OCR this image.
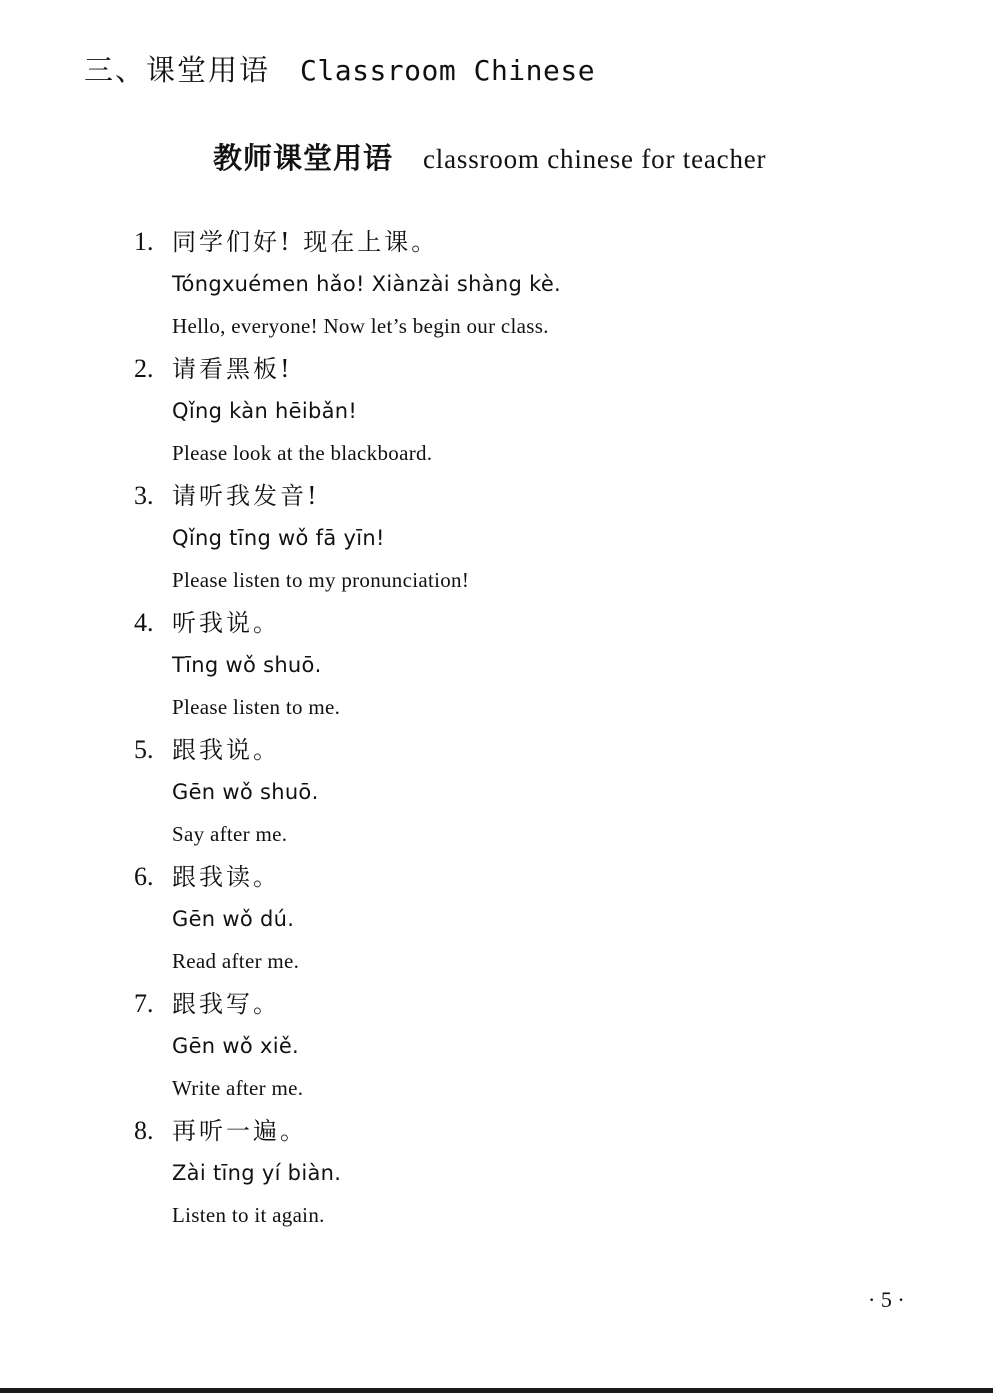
三、课堂用语 Classroom Chinese
教师课堂用语 classroom chinese for teacher
1. 同学们好! 现在上课。
Tóngxuémen hǎo! Xiànzài shàng kè.
Hello, everyone! Now let’s begin our class.
2. 请看黑板!
Qǐng kàn hēibǎn!
Please look at the blackboard.
3. 请听我发音!
Qǐng tīng wǒ fā yīn!
Please listen to my pronunciation!
4. 听我说。
Tīng wǒ shuō.
Please listen to me.
5. 跟我说。
Gēn wǒ shuō.
Say after me.
6. 跟我读。
Gēn wǒ dú.
Read after me.
7. 跟我写。
Gēn wǒ xiě.
Write after me.
8. 再听一遍。
Zài tīng yí biàn.
Listen to it again.
· 5 ·
